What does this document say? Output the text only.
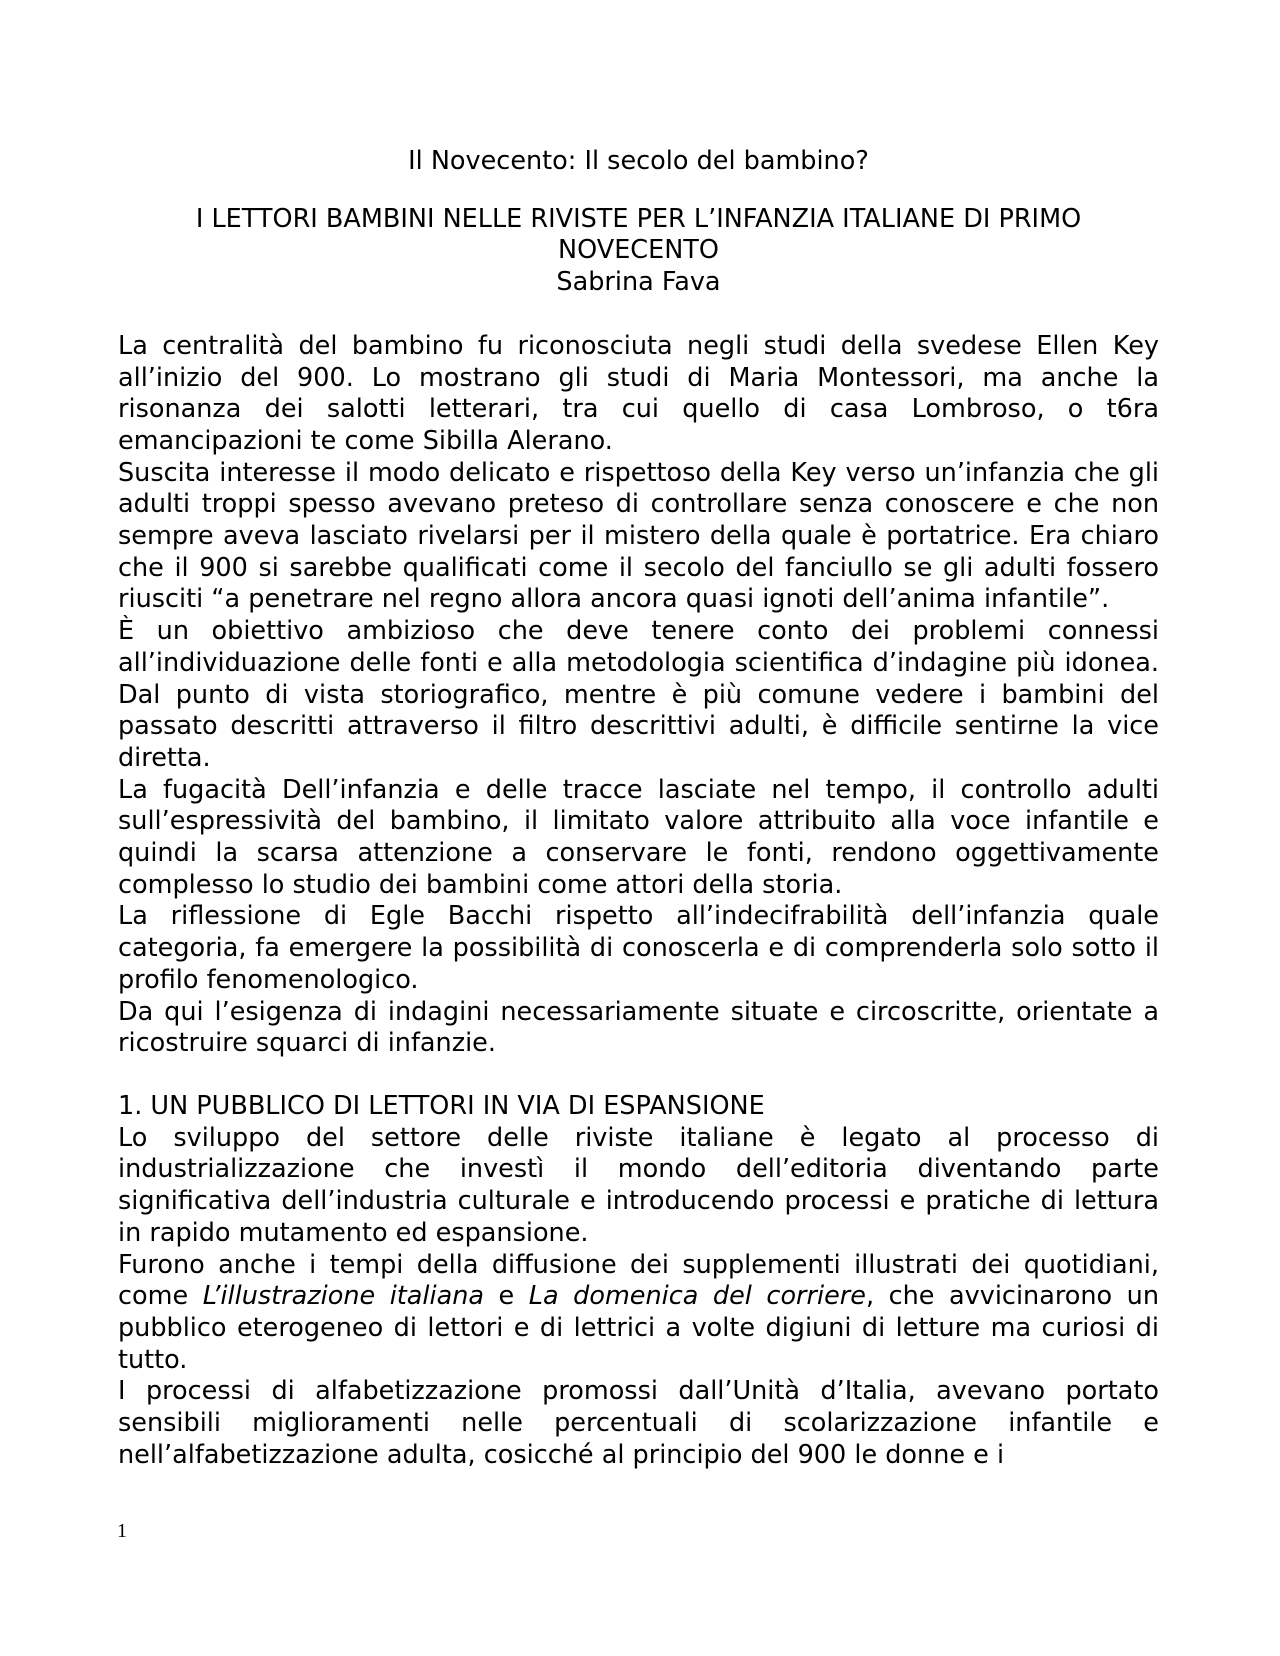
Il Novecento: Il secolo del bambino?

I LETTORI BAMBINI NELLE RIVISTE PER L’INFANZIA ITALIANE DI PRIMO

NOVECENTO

Sabrina Fava

La centralità del bambino fu riconosciuta negli studi della svedese Ellen Key all’inizio del 900. Lo mostrano gli studi di Maria Montessori, ma anche la risonanza dei salotti letterari, tra cui quello di casa Lombroso, o t6ra emancipazioni te come Sibilla Alerano.

Suscita interesse il modo delicato e rispettoso della Key verso un’infanzia che gli adulti troppi spesso avevano preteso di controllare senza conoscere e che non sempre aveva lasciato rivelarsi per il mistero della quale è portatrice. Era chiaro che il 900 si sarebbe qualificati come il secolo del fanciullo se gli adulti fossero riusciti “a penetrare nel regno allora ancora quasi ignoti dell’anima infantile”.

È un obiettivo ambizioso che deve tenere conto dei problemi connessi all’individuazione delle fonti e alla metodologia scientifica d’indagine più idonea. Dal punto di vista storiografico, mentre è più comune vedere i bambini del passato descritti attraverso il filtro descrittivi adulti, è difficile sentirne la vice diretta.

La fugacità Dell’infanzia e delle tracce lasciate nel tempo, il controllo adulti sull’espressività del bambino, il limitato valore attribuito alla voce infantile e quindi la scarsa attenzione a conservare le fonti, rendono oggettivamente complesso lo studio dei bambini come attori della storia.

La riflessione di Egle Bacchi rispetto all’indecifrabilità dell’infanzia quale categoria, fa emergere la possibilità di conoscerla e di comprenderla solo sotto il profilo fenomenologico.

Da qui l’esigenza di indagini necessariamente situate e circoscritte, orientate a ricostruire squarci di infanzie.

1. UN PUBBLICO DI LETTORI IN VIA DI ESPANSIONE

Lo sviluppo del settore delle riviste italiane è legato al processo di industrializzazione che investì il mondo dell’editoria diventando parte significativa dell’industria culturale e introducendo processi e pratiche di lettura in rapido mutamento ed espansione.

Furono anche i tempi della diffusione dei supplementi illustrati dei quotidiani, come L’illustrazione italiana e La domenica del corriere, che avvicinarono un pubblico eterogeneo di lettori e di lettrici a volte digiuni di letture ma curiosi di tutto.

I processi di alfabetizzazione promossi dall’Unità d’Italia, avevano portato sensibili miglioramenti nelle percentuali di scolarizzazione infantile e nell’alfabetizzazione adulta, cosicché al principio del 900 le donne e i

1
